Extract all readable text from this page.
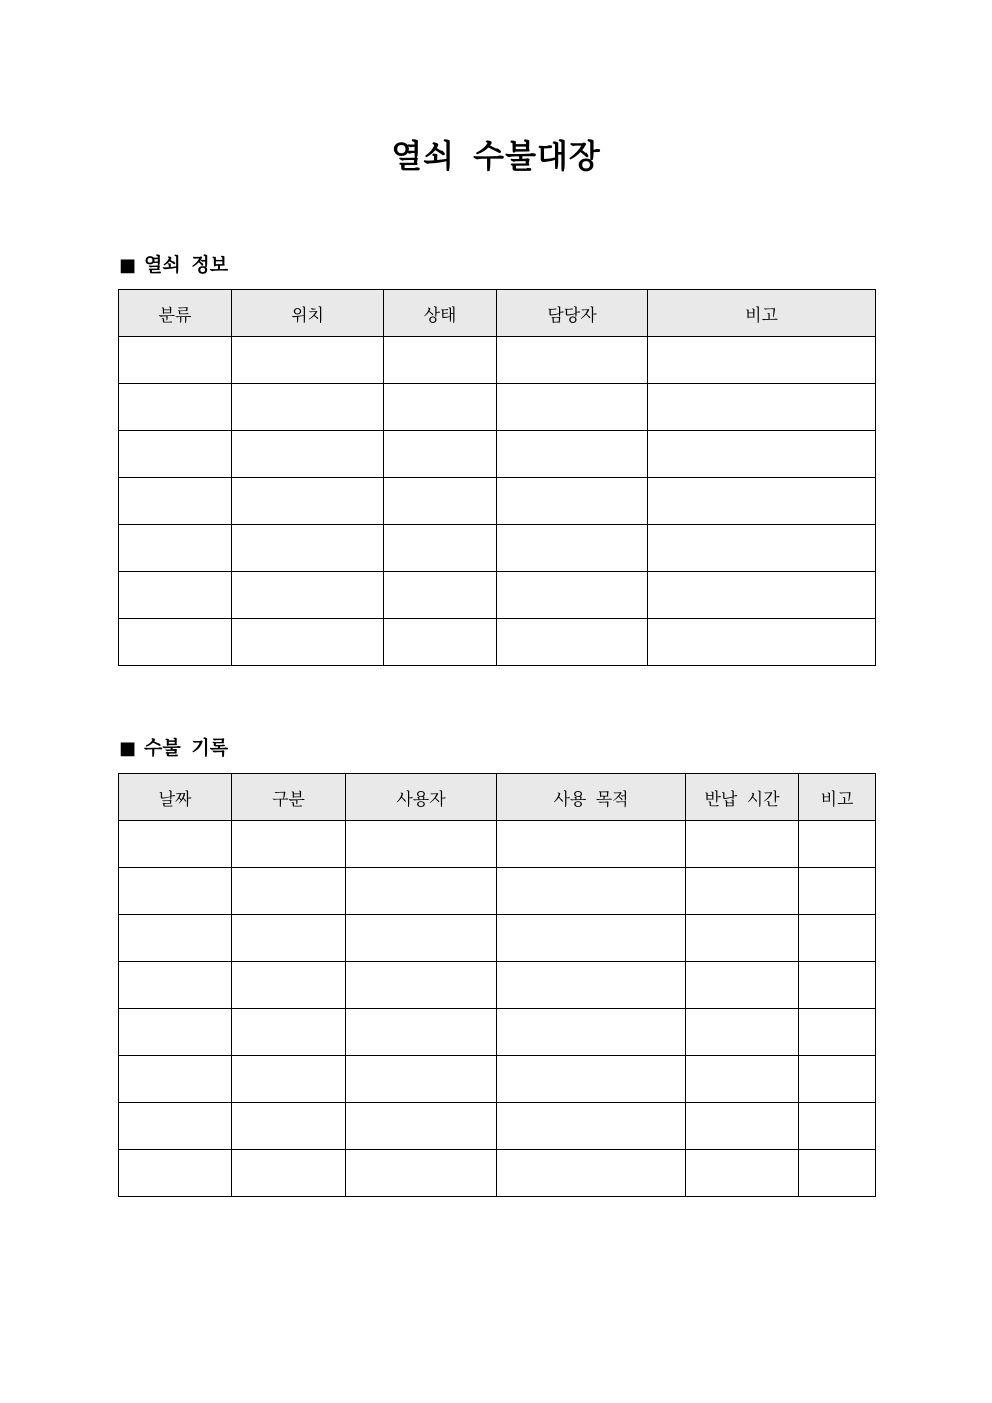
열쇠 수불대장
■ 열쇠 정보
분류	위치	상태	담당자	비고

■ 수불 기록
날짜	구분	사용자	사용 목적	반납 시간	비고
